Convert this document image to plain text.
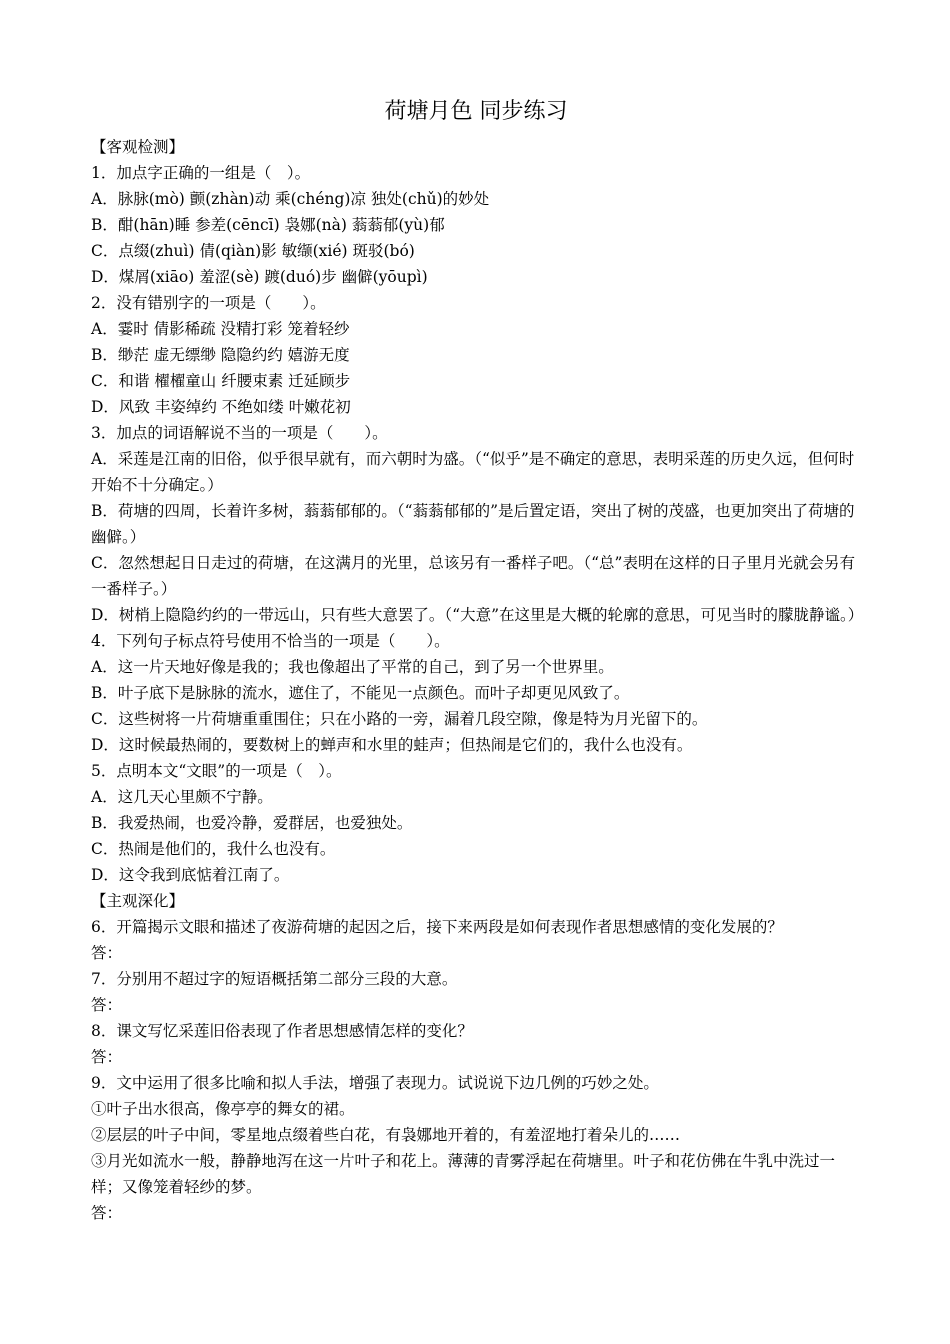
荷塘月色 同步练习

【客观检测】

1．加点字正确的一组是（　）。

A．脉脉(mò) 颤(zhàn)动 乘(chéng)凉 独处(chǔ)的妙处

B．酣(hān)睡 参差(cēncī) 袅娜(nà) 蓊蓊郁(yù)郁

C．点缀(zhuì) 倩(qiàn)影 敏缬(xié) 斑驳(bó)

D．煤屑(xiāo) 羞涩(sè) 踱(duó)步 幽僻(yōupì)

2．没有错别字的一项是（　　）。

A．霎时 倩影稀疏 没精打彩 笼着轻纱

B．缈茫 虚无缥缈 隐隐约约 嬉游无度

C．和谐 櫂櫂童山 纤腰束素 迁延顾步

D．风致 丰姿绰约 不绝如缕 叶嫩花初

3．加点的词语解说不当的一项是（　　）。

A．采莲是江南的旧俗，似乎很早就有，而六朝时为盛。（“似乎”是不确定的意思，表明采莲的历史久远，但何时开始不十分确定。）

B．荷塘的四周，长着许多树，蓊蓊郁郁的。（“蓊蓊郁郁的”是后置定语，突出了树的茂盛，也更加突出了荷塘的幽僻。）

C．忽然想起日日走过的荷塘，在这满月的光里，总该另有一番样子吧。（“总”表明在这样的日子里月光就会另有一番样子。）

D．树梢上隐隐约约的一带远山，只有些大意罢了。（“大意”在这里是大概的轮廓的意思，可见当时的朦胧静谧。）

4．下列句子标点符号使用不恰当的一项是（　　）。

A．这一片天地好像是我的；我也像超出了平常的自己，到了另一个世界里。

B．叶子底下是脉脉的流水，遮住了，不能见一点颜色。而叶子却更见风致了。

C．这些树将一片荷塘重重围住；只在小路的一旁，漏着几段空隙，像是特为月光留下的。

D．这时候最热闹的，要数树上的蝉声和水里的蛙声；但热闹是它们的，我什么也没有。

5．点明本文“文眼”的一项是（　）。

A．这几天心里颇不宁静。

B．我爱热闹，也爱冷静，爱群居，也爱独处。

C．热闹是他们的，我什么也没有。

D．这令我到底惦着江南了。

【主观深化】

6．开篇揭示文眼和描述了夜游荷塘的起因之后，接下来两段是如何表现作者思想感情的变化发展的？

答：

7．分别用不超过字的短语概括第二部分三段的大意。

答：

8．课文写忆采莲旧俗表现了作者思想感情怎样的变化？

答：

9．文中运用了很多比喻和拟人手法，增强了表现力。试说说下边几例的巧妙之处。

①叶子出水很高，像亭亭的舞女的裙。

②层层的叶子中间，零星地点缀着些白花，有袅娜地开着的，有羞涩地打着朵儿的……

③月光如流水一般，静静地泻在这一片叶子和花上。薄薄的青雾浮起在荷塘里。叶子和花仿佛在牛乳中洗过一样；又像笼着轻纱的梦。

答：
